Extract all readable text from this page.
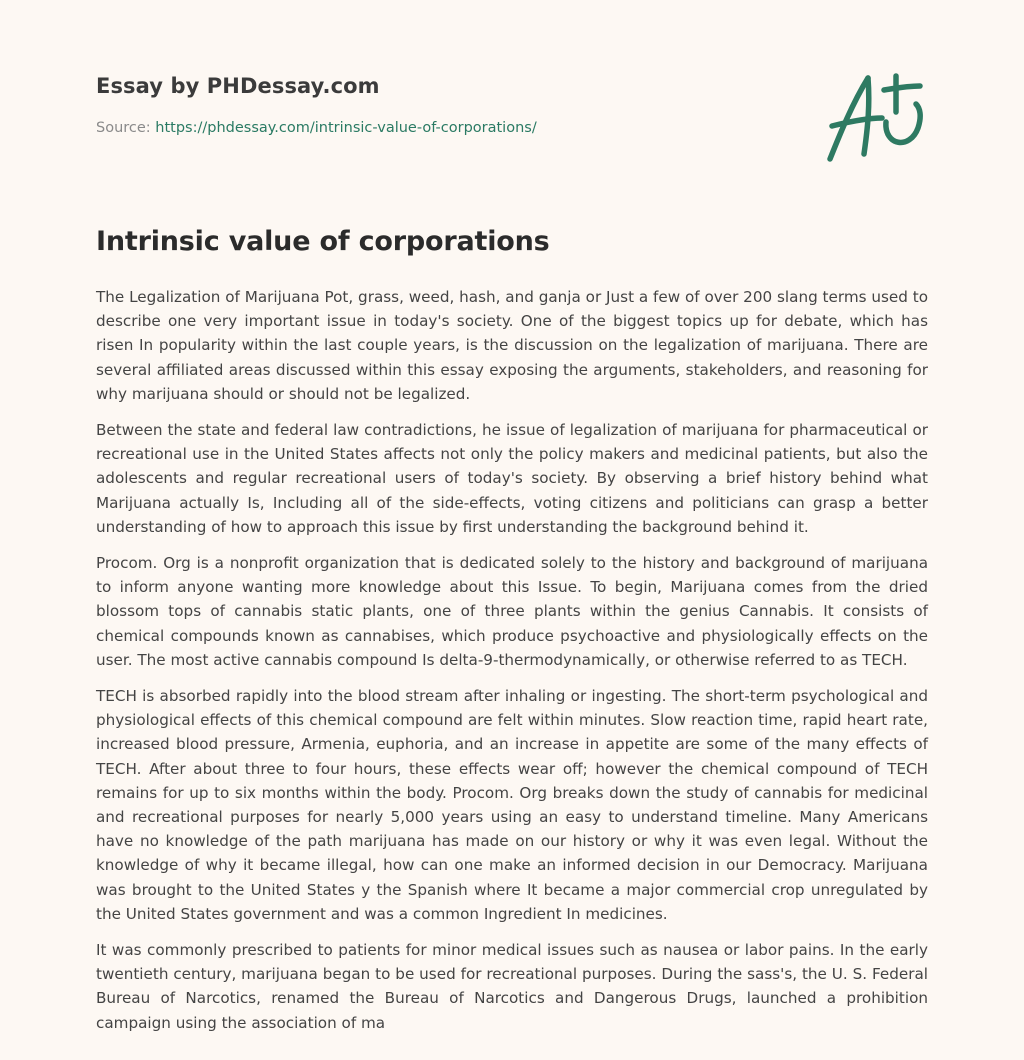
Essay by PHDessay.com
Source: https://phdessay.com/intrinsic-value-of-corporations/
Intrinsic value of corporations

The Legalization of Marijuana Pot, grass, weed, hash, and ganja or Just a few of over 200 slang terms used to describe one very important issue in today's society. One of the biggest topics up for debate, which has risen In popularity within the last couple years, is the discussion on the legalization of marijuana. There are several affiliated areas discussed within this essay exposing the arguments, stakeholders, and reasoning for why marijuana should or should not be legalized.

Between the state and federal law contradictions, he issue of legalization of marijuana for pharmaceutical or recreational use in the United States affects not only the policy makers and medicinal patients, but also the adolescents and regular recreational users of today's society. By observing a brief history behind what Marijuana actually Is, Including all of the side-effects, voting citizens and politicians can grasp a better understanding of how to approach this issue by first understanding the background behind it.

Procom. Org is a nonprofit organization that is dedicated solely to the history and background of marijuana to inform anyone wanting more knowledge about this Issue. To begin, Marijuana comes from the dried blossom tops of cannabis static plants, one of three plants within the genius Cannabis. It consists of chemical compounds known as cannabises, which produce psychoactive and physiologically effects on the user. The most active cannabis compound Is delta-9-thermodynamically, or otherwise referred to as TECH.

TECH is absorbed rapidly into the blood stream after inhaling or ingesting. The short-term psychological and physiological effects of this chemical compound are felt within minutes. Slow reaction time, rapid heart rate, increased blood pressure, Armenia, euphoria, and an increase in appetite are some of the many effects of TECH. After about three to four hours, these effects wear off; however the chemical compound of TECH remains for up to six months within the body. Procom. Org breaks down the study of cannabis for medicinal and recreational purposes for nearly 5,000 years using an easy to understand timeline. Many Americans have no knowledge of the path marijuana has made on our history or why it was even legal. Without the knowledge of why it became illegal, how can one make an informed decision in our Democracy. Marijuana was brought to the United States y the Spanish where It became a major commercial crop unregulated by the United States government and was a common Ingredient In medicines.

It was commonly prescribed to patients for minor medical issues such as nausea or labor pains. In the early twentieth century, marijuana began to be used for recreational purposes. During the sass's, the U. S. Federal Bureau of Narcotics, renamed the Bureau of Narcotics and Dangerous Drugs, launched a prohibition campaign using the association of ma
